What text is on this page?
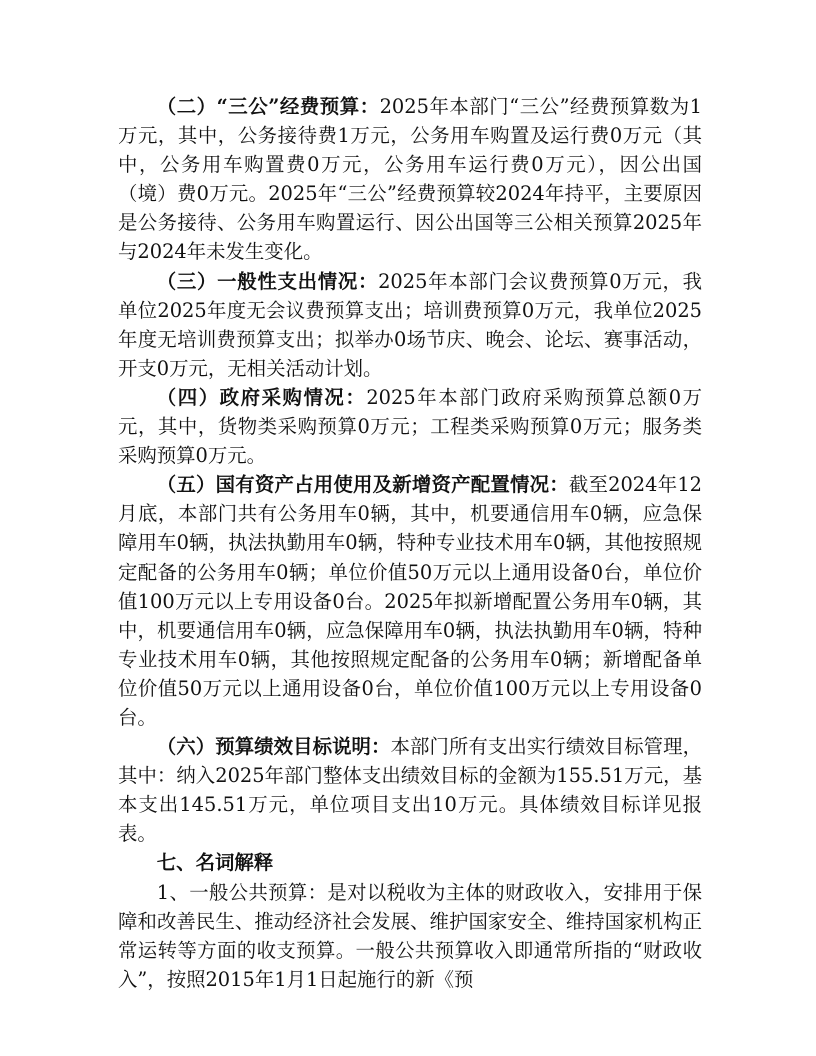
（二）“三公”经费预算：2025年本部门“三公”经费预算数为1万元，其中，公务接待费1万元，公务用车购置及运行费0万元（其中，公务用车购置费0万元，公务用车运行费0万元），因公出国（境）费0万元。2025年“三公”经费预算较2024年持平，主要原因是公务接待、公务用车购置运行、因公出国等三公相关预算2025年与2024年未发生变化。

（三）一般性支出情况：2025年本部门会议费预算0万元，我单位2025年度无会议费预算支出；培训费预算0万元，我单位2025年度无培训费预算支出；拟举办0场节庆、晚会、论坛、赛事活动，开支0万元，无相关活动计划。

（四）政府采购情况：2025年本部门政府采购预算总额0万元，其中，货物类采购预算0万元；工程类采购预算0万元；服务类采购预算0万元。

（五）国有资产占用使用及新增资产配置情况：截至2024年12月底，本部门共有公务用车0辆，其中，机要通信用车0辆，应急保障用车0辆，执法执勤用车0辆，特种专业技术用车0辆，其他按照规定配备的公务用车0辆；单位价值50万元以上通用设备0台，单位价值100万元以上专用设备0台。2025年拟新增配置公务用车0辆，其中，机要通信用车0辆，应急保障用车0辆，执法执勤用车0辆，特种专业技术用车0辆，其他按照规定配备的公务用车0辆；新增配备单位价值50万元以上通用设备0台，单位价值100万元以上专用设备0台。

（六）预算绩效目标说明：本部门所有支出实行绩效目标管理，其中：纳入2025年部门整体支出绩效目标的金额为155.51万元，基本支出145.51万元，单位项目支出10万元。具体绩效目标详见报表。

七、名词解释

1、一般公共预算：是对以税收为主体的财政收入，安排用于保障和改善民生、推动经济社会发展、维护国家安全、维持国家机构正常运转等方面的收支预算。一般公共预算收入即通常所指的“财政收入”，按照2015年1月1日起施行的新《预
